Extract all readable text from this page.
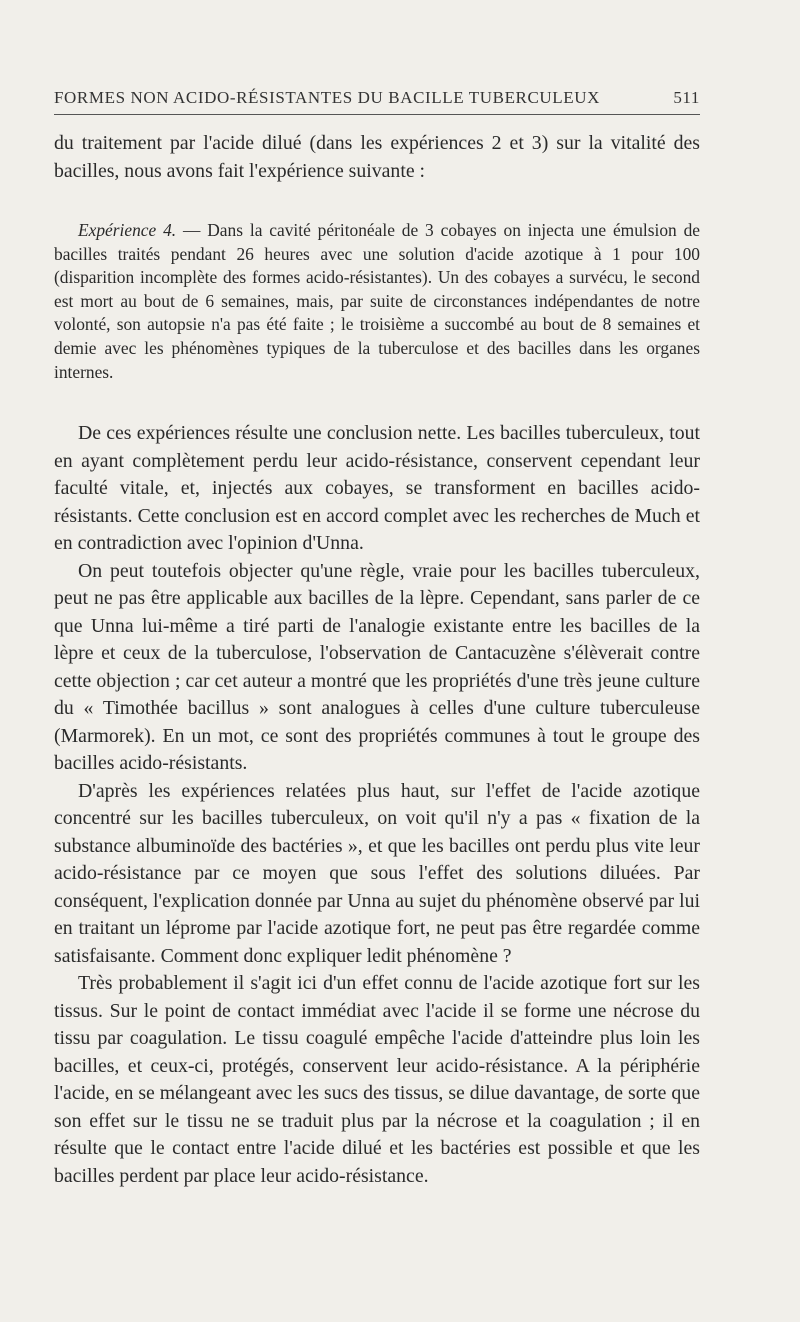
FORMES NON ACIDO-RÉSISTANTES DU BACILLE TUBERCULEUX	511

du traitement par l'acide dilué (dans les expériences 2 et 3) sur la vitalité des bacilles, nous avons fait l'expérience suivante :

Expérience 4. — Dans la cavité péritonéale de 3 cobayes on injecta une émulsion de bacilles traités pendant 26 heures avec une solution d'acide azotique à 1 pour 100 (disparition incomplète des formes acido-résistantes). Un des cobayes a survécu, le second est mort au bout de 6 semaines, mais, par suite de circonstances indépendantes de notre volonté, son autopsie n'a pas été faite ; le troisième a succombé au bout de 8 semaines et demie avec les phénomènes typiques de la tuberculose et des bacilles dans les organes internes.

De ces expériences résulte une conclusion nette. Les bacilles tuberculeux, tout en ayant complètement perdu leur acido-résistance, conservent cependant leur faculté vitale, et, injectés aux cobayes, se transforment en bacilles acido-résistants. Cette conclusion est en accord complet avec les recherches de Much et en contradiction avec l'opinion d'Unna.

On peut toutefois objecter qu'une règle, vraie pour les bacilles tuberculeux, peut ne pas être applicable aux bacilles de la lèpre. Cependant, sans parler de ce que Unna lui-même a tiré parti de l'analogie existante entre les bacilles de la lèpre et ceux de la tuberculose, l'observation de Cantacuzène s'élèverait contre cette objection ; car cet auteur a montré que les propriétés d'une très jeune culture du « Timothée bacillus » sont analogues à celles d'une culture tuberculeuse (Marmorek). En un mot, ce sont des propriétés communes à tout le groupe des bacilles acido-résistants.

D'après les expériences relatées plus haut, sur l'effet de l'acide azotique concentré sur les bacilles tuberculeux, on voit qu'il n'y a pas « fixation de la substance albuminoïde des bactéries », et que les bacilles ont perdu plus vite leur acido-résistance par ce moyen que sous l'effet des solutions diluées. Par conséquent, l'explication donnée par Unna au sujet du phénomène observé par lui en traitant un léprome par l'acide azotique fort, ne peut pas être regardée comme satisfaisante. Comment donc expliquer ledit phénomène ?

Très probablement il s'agit ici d'un effet connu de l'acide azotique fort sur les tissus. Sur le point de contact immédiat avec l'acide il se forme une nécrose du tissu par coagulation. Le tissu coagulé empêche l'acide d'atteindre plus loin les bacilles, et ceux-ci, protégés, conservent leur acido-résistance. A la périphérie l'acide, en se mélangeant avec les sucs des tissus, se dilue davantage, de sorte que son effet sur le tissu ne se traduit plus par la nécrose et la coagulation ; il en résulte que le contact entre l'acide dilué et les bactéries est possible et que les bacilles perdent par place leur acido-résistance.
